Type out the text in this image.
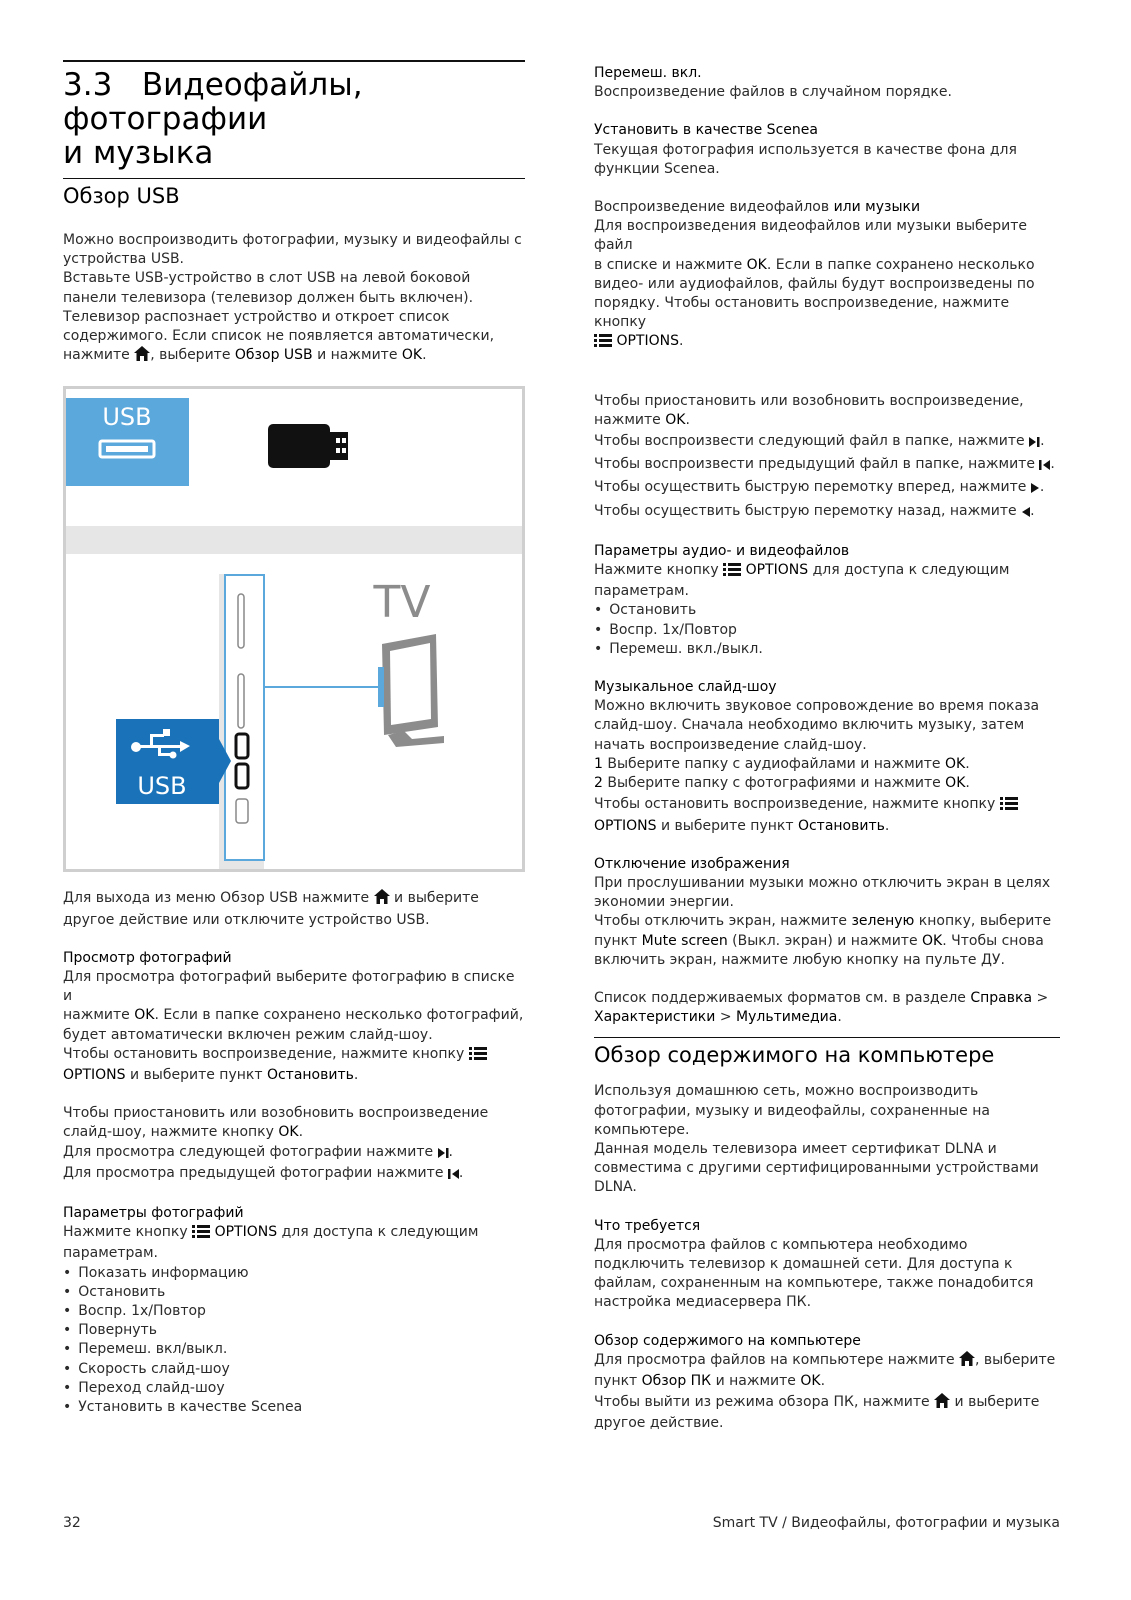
3.3 Видеофайлы, фотографии
и музыка
Обзор USB

Можно воспроизводить фотографии, музыку и видеофайлы с

устройства USB.

Вставьте USB-устройство в слот USB на левой боковой

панели телевизора (телевизор должен быть включен).

Телевизор распознает устройство и откроет список

содержимого. Если список не появляется автоматически,

нажмите , выберите Обзор USB и нажмите OK.

USB
TV
USB

Для выхода из меню Обзор USB нажмите и выберите

другое действие или отключите устройство USB.

Просмотр фотографий

Для просмотра фотографий выберите фотографию в списке и

нажмите OK. Если в папке сохранено несколько фотографий,

будет автоматически включен режим слайд-шоу.

Чтобы остановить воспроизведение, нажмите кнопку

OPTIONS и выберите пункт Остановить.

Чтобы приостановить или возобновить воспроизведение

слайд-шоу, нажмите кнопку OK.

Для просмотра следующей фотографии нажмите .

Для просмотра предыдущей фотографии нажмите .

Параметры фотографий

Нажмите кнопку OPTIONS для доступа к следующим

параметрам.

• Показать информацию
• Остановить
• Воспр. 1x/Повтор
• Повернуть
• Перемеш. вкл/выкл.
• Скорость слайд-шоу
• Переход слайд-шоу
• Установить в качестве Scenea

Перемеш. вкл.

Воспроизведение файлов в случайном порядке.

Установить в качестве Scenea

Текущая фотография используется в качестве фона для

функции Scenea.

Воспроизведение видеофайлов или музыки

Для воспроизведения видеофайлов или музыки выберите файл

в списке и нажмите OK. Если в папке сохранено несколько

видео- или аудиофайлов, файлы будут воспроизведены по

порядку. Чтобы остановить воспроизведение, нажмите кнопку

OPTIONS.

Чтобы приостановить или возобновить воспроизведение,

нажмите OK.

Чтобы воспроизвести следующий файл в папке, нажмите .

Чтобы воспроизвести предыдущий файл в папке, нажмите .

Чтобы осуществить быструю перемотку вперед, нажмите .

Чтобы осуществить быструю перемотку назад, нажмите .

Параметры аудио- и видеофайлов

Нажмите кнопку OPTIONS для доступа к следующим

параметрам.

• Остановить
• Воспр. 1x/Повтор
• Перемеш. вкл./выкл.

Музыкальное слайд-шоу

Можно включить звуковое сопровождение во время показа

слайд-шоу. Сначала необходимо включить музыку, затем

начать воспроизведение слайд-шоу.

1 Выберите папку с аудиофайлами и нажмите OK.

2 Выберите папку с фотографиями и нажмите OK.

Чтобы остановить воспроизведение, нажмите кнопку

OPTIONS и выберите пункт Остановить.

Отключение изображения

При прослушивании музыки можно отключить экран в целях

экономии энергии.

Чтобы отключить экран, нажмите зеленую кнопку, выберите

пункт Mute screen (Выкл. экран) и нажмите OK. Чтобы снова

включить экран, нажмите любую кнопку на пульте ДУ.

Список поддерживаемых форматов см. в разделе Справка >

Характеристики > Мультимедиа.

Обзор содержимого на компьютере

Используя домашнюю сеть, можно воспроизводить

фотографии, музыку и видеофайлы, сохраненные на

компьютере.

Данная модель телевизора имеет сертификат DLNA и

совместима с другими сертифицированными устройствами

DLNA.

Что требуется

Для просмотра файлов с компьютера необходимо

подключить телевизор к домашней сети. Для доступа к

файлам, сохраненным на компьютере, также понадобится

настройка медиасервера ПК.

Обзор содержимого на компьютере

Для просмотра файлов на компьютере нажмите , выберите

пункт Обзор ПК и нажмите OK.

Чтобы выйти из режима обзора ПК, нажмите и выберите

другое действие.

32	Smart TV / Видеофайлы, фотографии и музыка
